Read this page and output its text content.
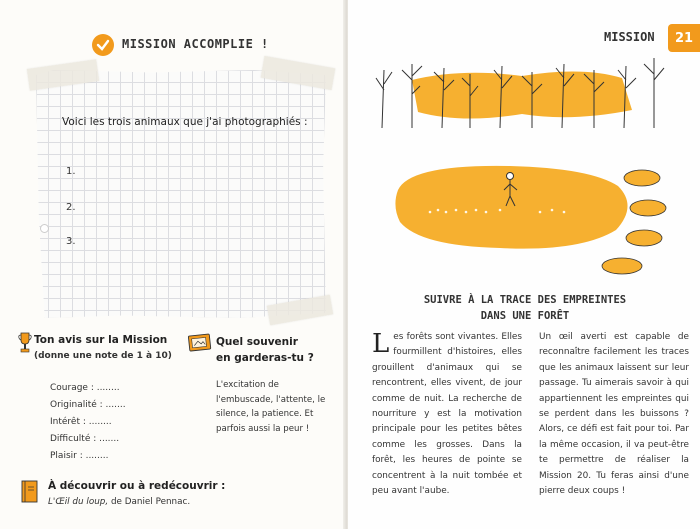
MISSION ACCOMPLIE !
Voici les trois animaux que j'ai photographiés :
1.
2.
3.
Ton avis sur la Mission
(donne une note de 1 à 10)
Courage : ........
Originalité : .......
Intérêt : ........
Difficulté : .......
Plaisir : ........
Quel souvenir
en garderas-tu ?
L'excitation de l'embuscade, l'attente, le silence, la patience. Et parfois aussi la peur !
À découvrir ou à redécouvrir :
L'Œil du loup, de Daniel Pennac.
MISSION	21
SUIVRE À LA TRACE DES EMPREINTES
DANS UNE FORÊT
Les forêts sont vivantes. Elles fourmillent d'histoires, elles grouillent d'animaux qui se rencontrent, elles vivent, de jour comme de nuit. La recherche de nourriture y est la motivation principale pour les petites bêtes comme les grosses. Dans la forêt, les heures de pointe se concentrent à la nuit tombée et peu avant l'aube.
Un œil averti est capable de reconnaître facilement les traces que les animaux laissent sur leur passage. Tu aimerais savoir à qui appartiennent les empreintes qui se perdent dans les buissons ? Alors, ce défi est fait pour toi. Par la même occasion, il va peut-être te permettre de réaliser la Mission 20. Tu feras ainsi d'une pierre deux coups !
